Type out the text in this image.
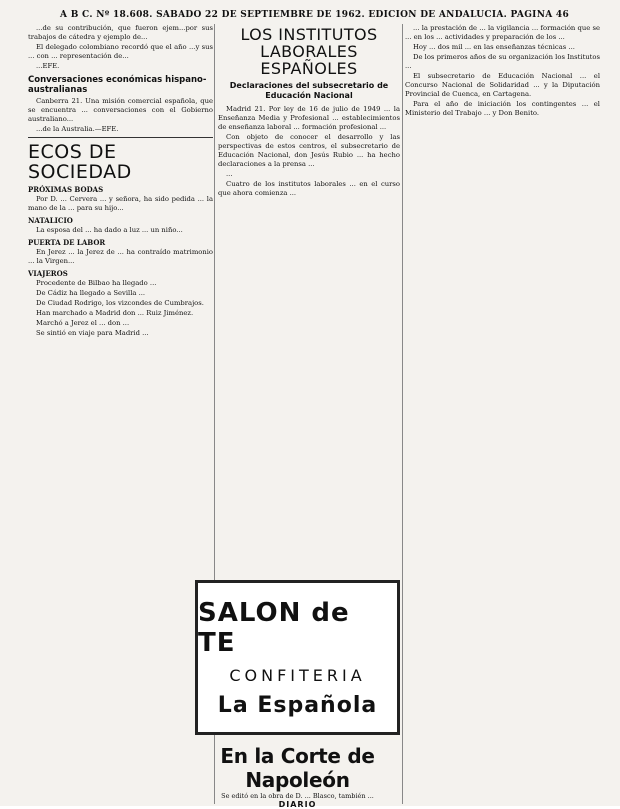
A B C. Nº 18.608. SABADO 22 DE SEPTIEMBRE DE 1962. EDICION DE ANDALUCIA. PAGINA 46

...de su contribución, que fueron ejem...por sus trabajos de cátedra y ejemplo de...

El delegado colombiano recordó que el año ...y sus ... con ... representación de...

...EFE.

Conversaciones económicas hispano-australianas

Canberra 21. Una misión comercial española, que se encuentra ... conversaciones con el Gobierno australiano...

...de la Australia.—EFE.

ECOS DE SOCIEDAD
PRÓXIMAS BODAS

Por D. ... Cervera ... y señora, ha sido pedida ... la mano de la ... para su hijo...

NATALICIO

La esposa del ... ha dado a luz ... un niño...

PUERTA DE LABOR

En Jerez ... la Jerez de ... ha contraído matrimonio ... la Virgen...

VIAJEROS

Procedente de Bilbao ha llegado ...

De Cádiz ha llegado a Sevilla ...

De Ciudad Rodrigo, los vizcondes de Cumbrajos.

Han marchado a Madrid don ... Ruiz Jiménez.

Marchó a Jerez el ... don ...

Se sintió en viaje para Madrid ...

LOS INSTITUTOS LABORALES ESPAÑOLES
Declaraciones del subsecretario de Educación Nacional

Madrid 21. Por ley de 16 de julio de 1949 ... la Enseñanza Media y Profesional ... establecimientos de enseñanza laboral ... formación profesional ...

Con objeto de conocer el desarrollo y las perspectivas de estos centros, el subsecretario de Educación Nacional, don Jesús Rubio ... ha hecho declaraciones a la prensa ...

...

Cuatro de los institutos laborales ... en el curso que ahora comienza ...

SALON de TE
CONFITERIA
La Española
En la Corte de Napoleón
Se editó en la obra de D. ... Blasco, también ...
DIARIO

... la prestación de ... la vigilancia ... formación que se ... en los ... actividades y preparación de los ...

Hoy ... dos mil ... en las enseñanzas técnicas ...

De los primeros años de su organización los Institutos ...

El subsecretario de Educación Nacional ... el Concurso Nacional de Solidaridad ... y la Diputación Provincial de Cuenca, en Cartagena.

Para el año de iniciación los contingentes ... el Ministerio del Trabajo ... y Don Benito.
